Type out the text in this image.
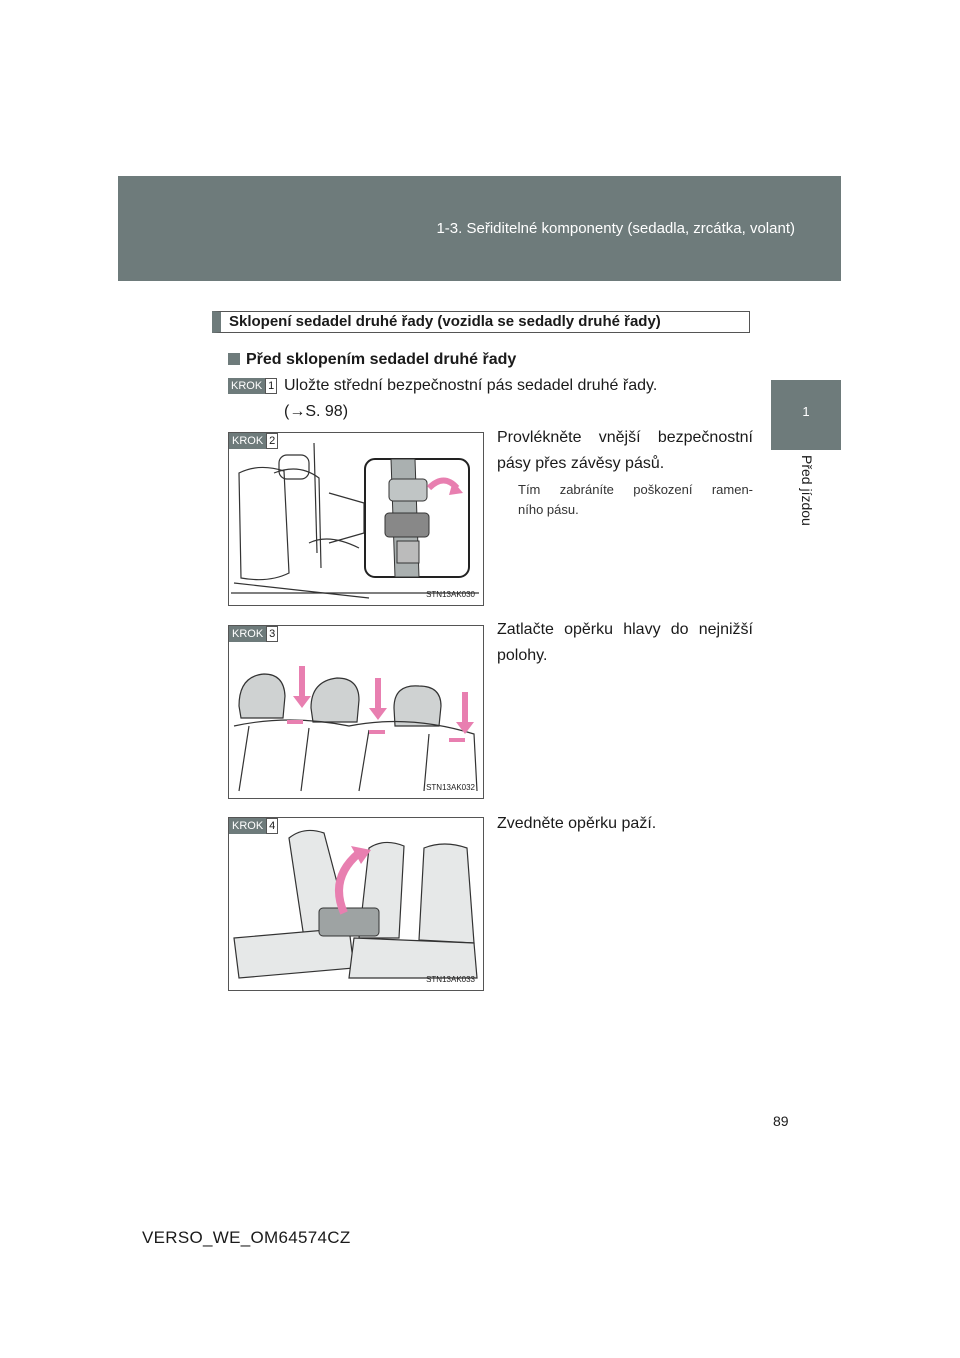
1-3. Seřiditelné komponenty (sedadla, zrcátka, volant)
1
Před jízdou
Sklopení sedadel druhé řady (vozidla se sedadly druhé řady)
Před sklopením sedadel druhé řady
KROK 1 Uložte střední bezpečnostní pás sedadel druhé řady.
(→S. 98)
KROK 2
STN13AK030
Provlékněte vnější bezpečnostní
pásy přes závěsy pásů.
Tím zabráníte poškození ramen-
ního pásu.
KROK 3
STN13AK032
Zatlačte opěrku hlavy do nejnižší
polohy.
KROK 4
STN13AK033
Zvedněte opěrku paží.
89
VERSO_WE_OM64574CZ
